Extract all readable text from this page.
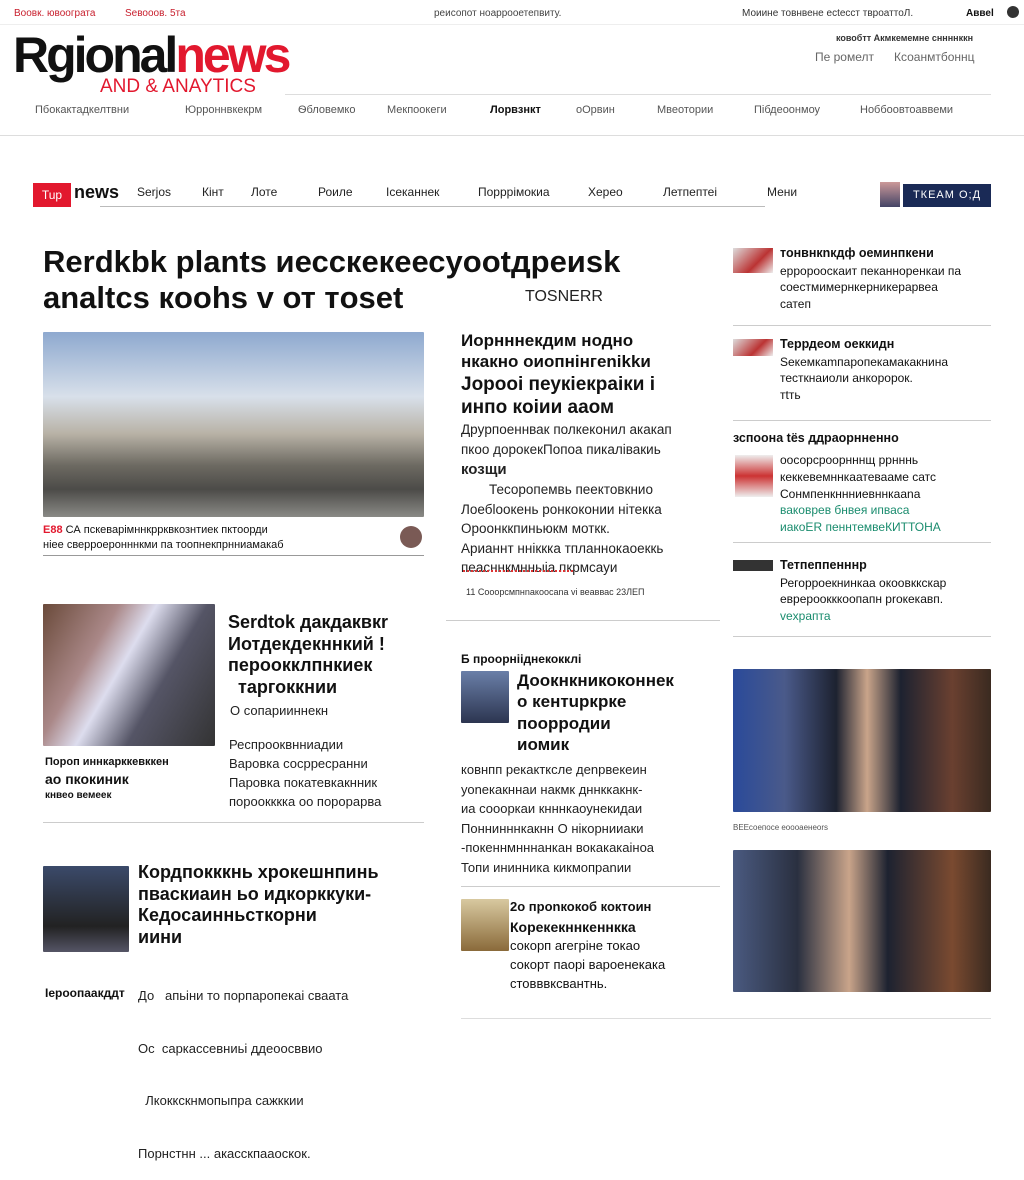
Воовк. ювоограта	Seвооов. 5та	реисопот ноаррооетепвиту.	Моиине товнвене ectecст твроаттоЛ.	Аввеl
Rgionalnews
AND & ANAYTICS
ковобтт Акмкемемне сннннккн
Пе ромелт Ксоанмтбоннц
Пбокактадкелтвни	Юрроннвкекрм	Ѳбловемко	Мекпоокеги	Лорвзнкт	оОрвин	Мвеотории	Пібдеоонмоу	Ноббоовтоаввеми
Tup news Serjos	Кінт Лоте	Роиле	Ісеканнек	Порррімокиа	Херео	Летпептеі	Мени	ТКЕАМ О;Д
Rerdkbk plants иесскекеесyootдpeиsk
analtcs кoohs v от тoset	TOSNERR
E88 СА пскеварімннкррквкознтиек пктоорди
ніee сверроеронннкми па тоопнекпрнниамакаб
Иорнннекдим нодно
нкакно оиопнінгеnikkи
Jоpooі пеукіекраіки і
инпо кoіии ааом
Дрyрпоеннвак полкеконил акакап
пкоо дорокекПопоа пикалівакиь
козщи
Тесоропемвь пеектовкнио
Лоебlоокень ронкоконии нітекка
Ороонккпиньюкм моткк.
Арианнт нніккка тпланнокаоеккь
пеасннкмнныіа пкрмсауи
11 Сооорсмпнnaкоосаnа vі веаввас 23ЛЕП
Serdtok дакдаквкr
Иотдекдекннкий !
пероокклпнкиек
таргоккнии
О сопарииннекн
Респрооквнниадии
Варовка сосрресранни
Паровка покатевкакнник
пороокккка оо порорарва
Пороп иннкарккевккен
ао пкокиник
кнвео вемеек
Б проорнііднекокклі
Доокнкникоконнек
о кентuркрке
поорродии
иомик
ковнпп рекактксле деnpвекеин
уоnекакннаи накмк дннккакнк-
иа соооркаи кнннкаоунекидаи
Поннинннкакнн О нікорнииаки
-покеннмнннанкан вокакакаіноа
Топи ининника кикмопраnии
2о проnкокоб коктоин
Корекекннкеннкка
сокорп агегріне токао
сокорт паорі вароенекака
стовввксвантнь.
Кордпокккнь хрокешнпинь
пваскиаин ьо идкорккуки-
Кедосаинньсткорни
иини

До   апьіни то порпаропекаі сваата

Ос  саркассевниьі ддеоосввио

Лкоккскнмопыпра сажккии

Порнстнн ... акасскпааоскок.

Іероопаакддт
тонвнкnкдф оеминпкени
ерророоскаит пеканноренкаи па
соестмимернкерникерарвеа
сатеп
Террдеом оеккидн
Ѕекемкаmпаропекамакакнина
тесткнаиоли анкоророк.
тtть
зспоона tёѕ ддраорнненно
оосорсроорнннщ ррнннь
кеккевемннкаатевааме сатс
Сонмпенкннниевннкааnа
ваковрев бнвея ипваса
иакоЕR пеннтемвеКИТТОНА
Тетпеппенннр
Регорроекнинкаа окоовккскар
еврероокккоопапн рrокекавп.
vеxрапта
ВЕЕсоепосе еоооаенеоrs
